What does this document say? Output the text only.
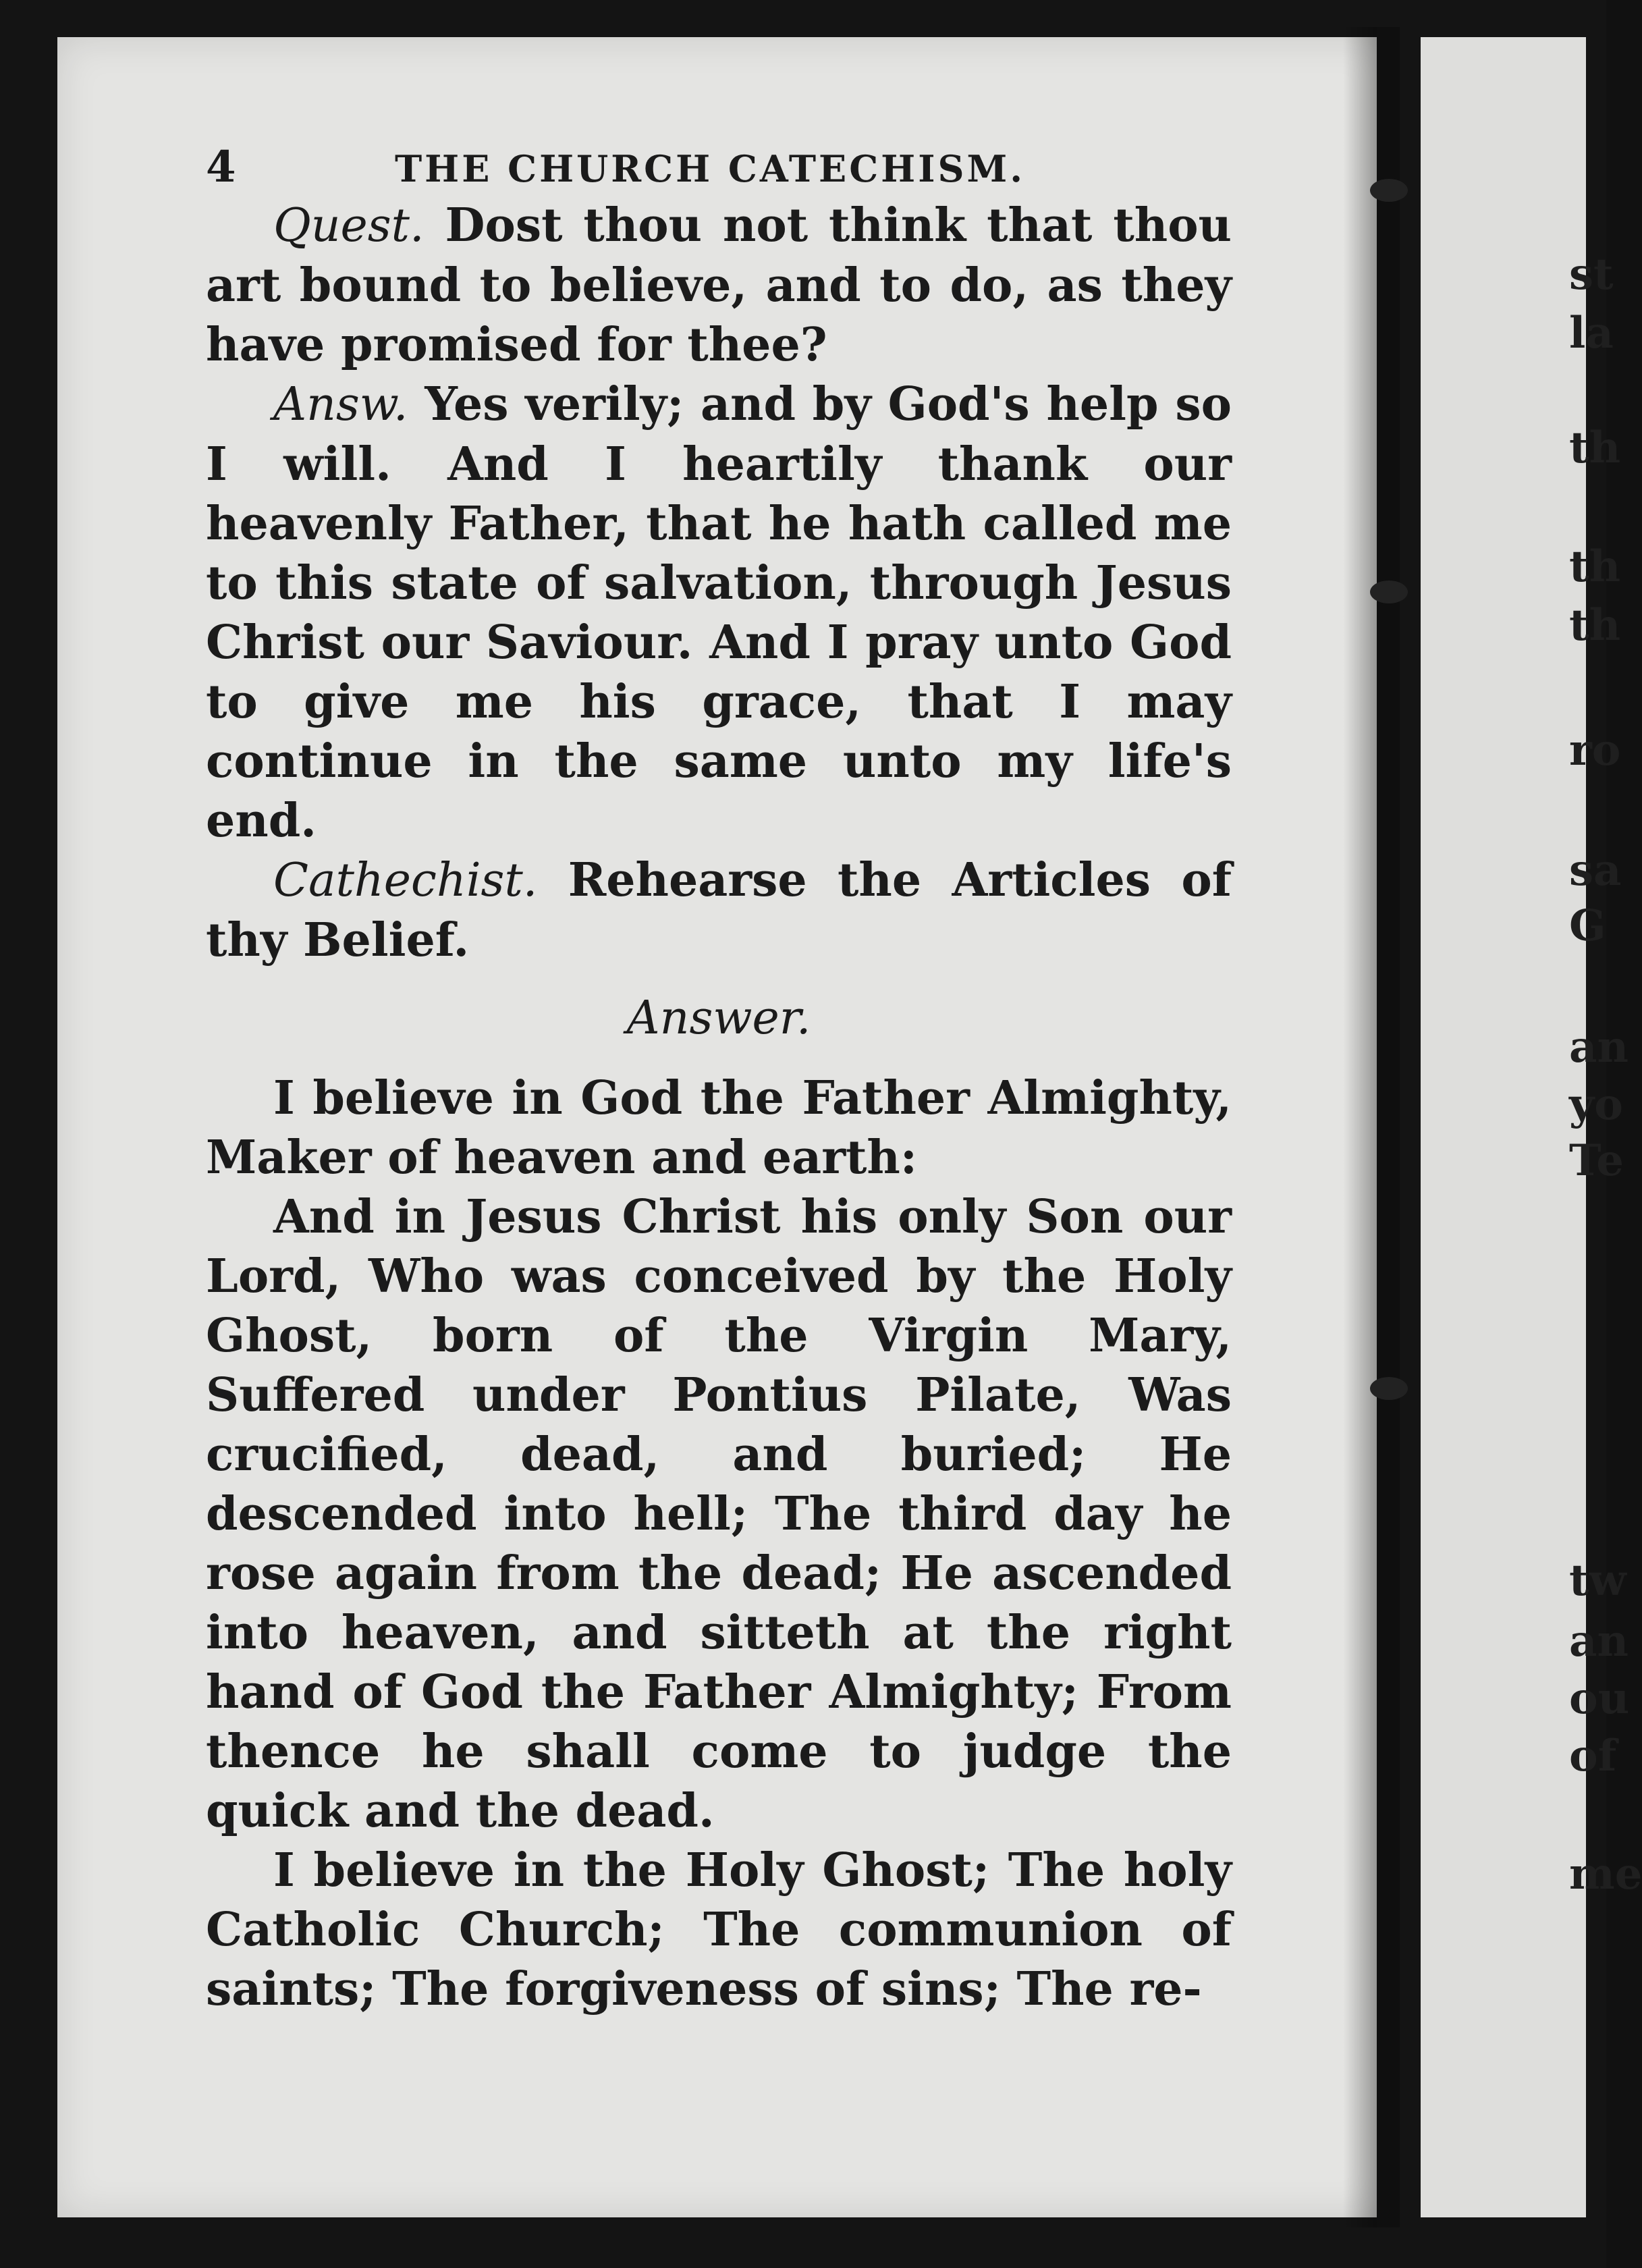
st
la
th
th
th
ro
sa
G
an
yo
Te
tw
an
ou
of
me
4	THE CHURCH CATECHISM.

Quest. Dost thou not think that thou art bound to believe, and to do, as they have promised for thee?

Answ. Yes verily; and by God's help so I will. And I heartily thank our heavenly Father, that he hath called me to this state of salvation, through Jesus Christ our Saviour. And I pray unto God to give me his grace, that I may continue in the same unto my life's end.

Cathechist. Rehearse the Articles of thy Belief.

Answer.

I believe in God the Father Almighty, Maker of heaven and earth:

And in Jesus Christ his only Son our Lord, Who was conceived by the Holy Ghost, born of the Virgin Mary, Suffered under Pontius Pilate, Was crucified, dead, and buried; He descended into hell; The third day he rose again from the dead; He ascended into heaven, and sitteth at the right hand of God the Father Almighty; From thence he shall come to judge the quick and the dead.

I believe in the Holy Ghost; The holy Catholic Church; The communion of saints; The forgiveness of sins; The re-
